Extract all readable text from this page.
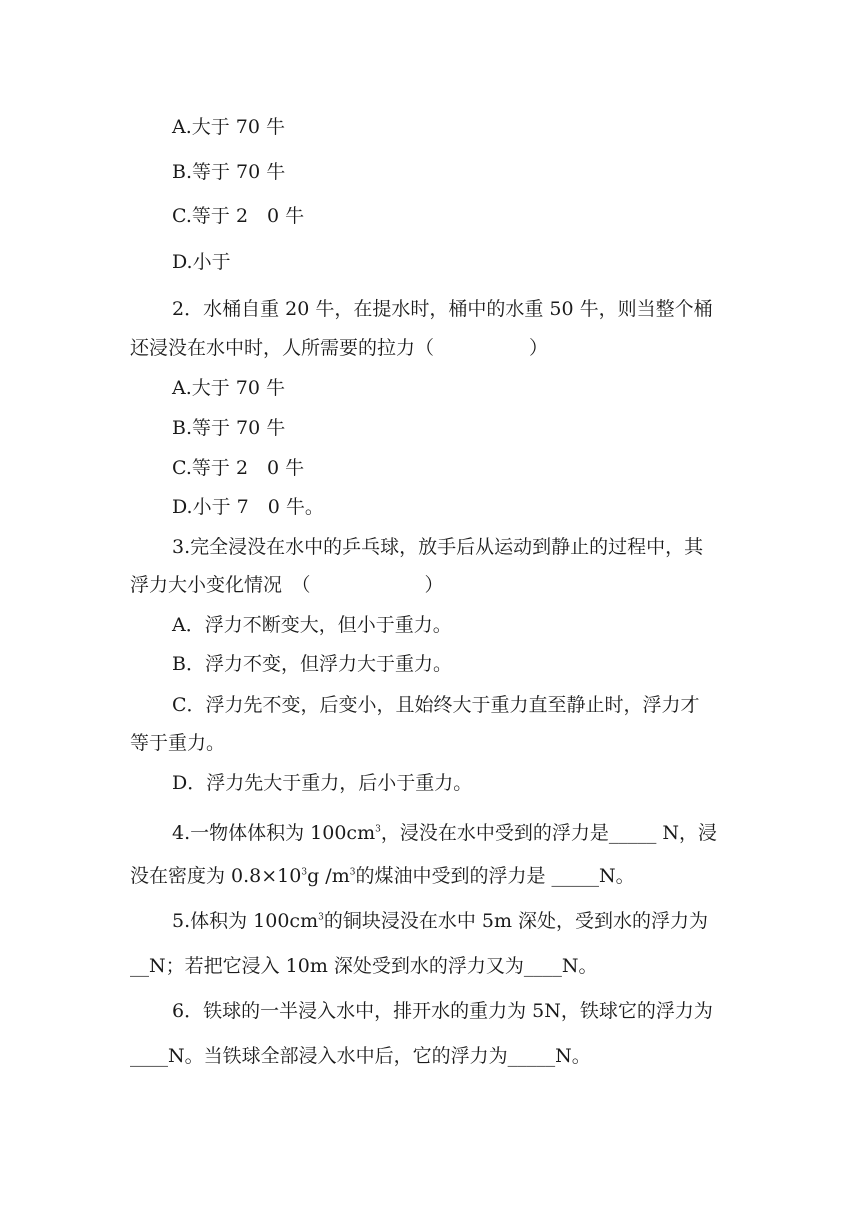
A.大于 70 牛
B.等于 70 牛
C.等于 2　0 牛
D.小于
2．水桶自重 20 牛，在提水时，桶中的水重 50 牛，则当整个桶
还浸没在水中时，人所需要的拉力（　　　　　）
A.大于 70 牛
B.等于 70 牛
C.等于 2　0 牛
D.小于 7　0 牛。
3.完全浸没在水中的乒乓球，放手后从运动到静止的过程中，其
浮力大小变化情况　（　　　　　　）
A．浮力不断变大，但小于重力。
B．浮力不变，但浮力大于重力。
C．浮力先不变，后变小，且始终大于重力直至静止时，浮力才
等于重力。
D．浮力先大于重力，后小于重力。
4.一物体体积为 $100cm^3$，浸没在水中受到的浮力是_____ N，浸
没在密度为 $0.8\times 10^3g$ $/m^3$的煤油中受到的浮力是 _____N。
5.体积为 $100cm^3$的铜块浸没在水中 5m 深处，受到水的浮力为
__N；若把它浸入 10m 深处受到水的浮力又为____N。
6．铁球的一半浸入水中，排开水的重力为 5N，铁球它的浮力为
____N。当铁球全部浸入水中后，它的浮力为_____N。
